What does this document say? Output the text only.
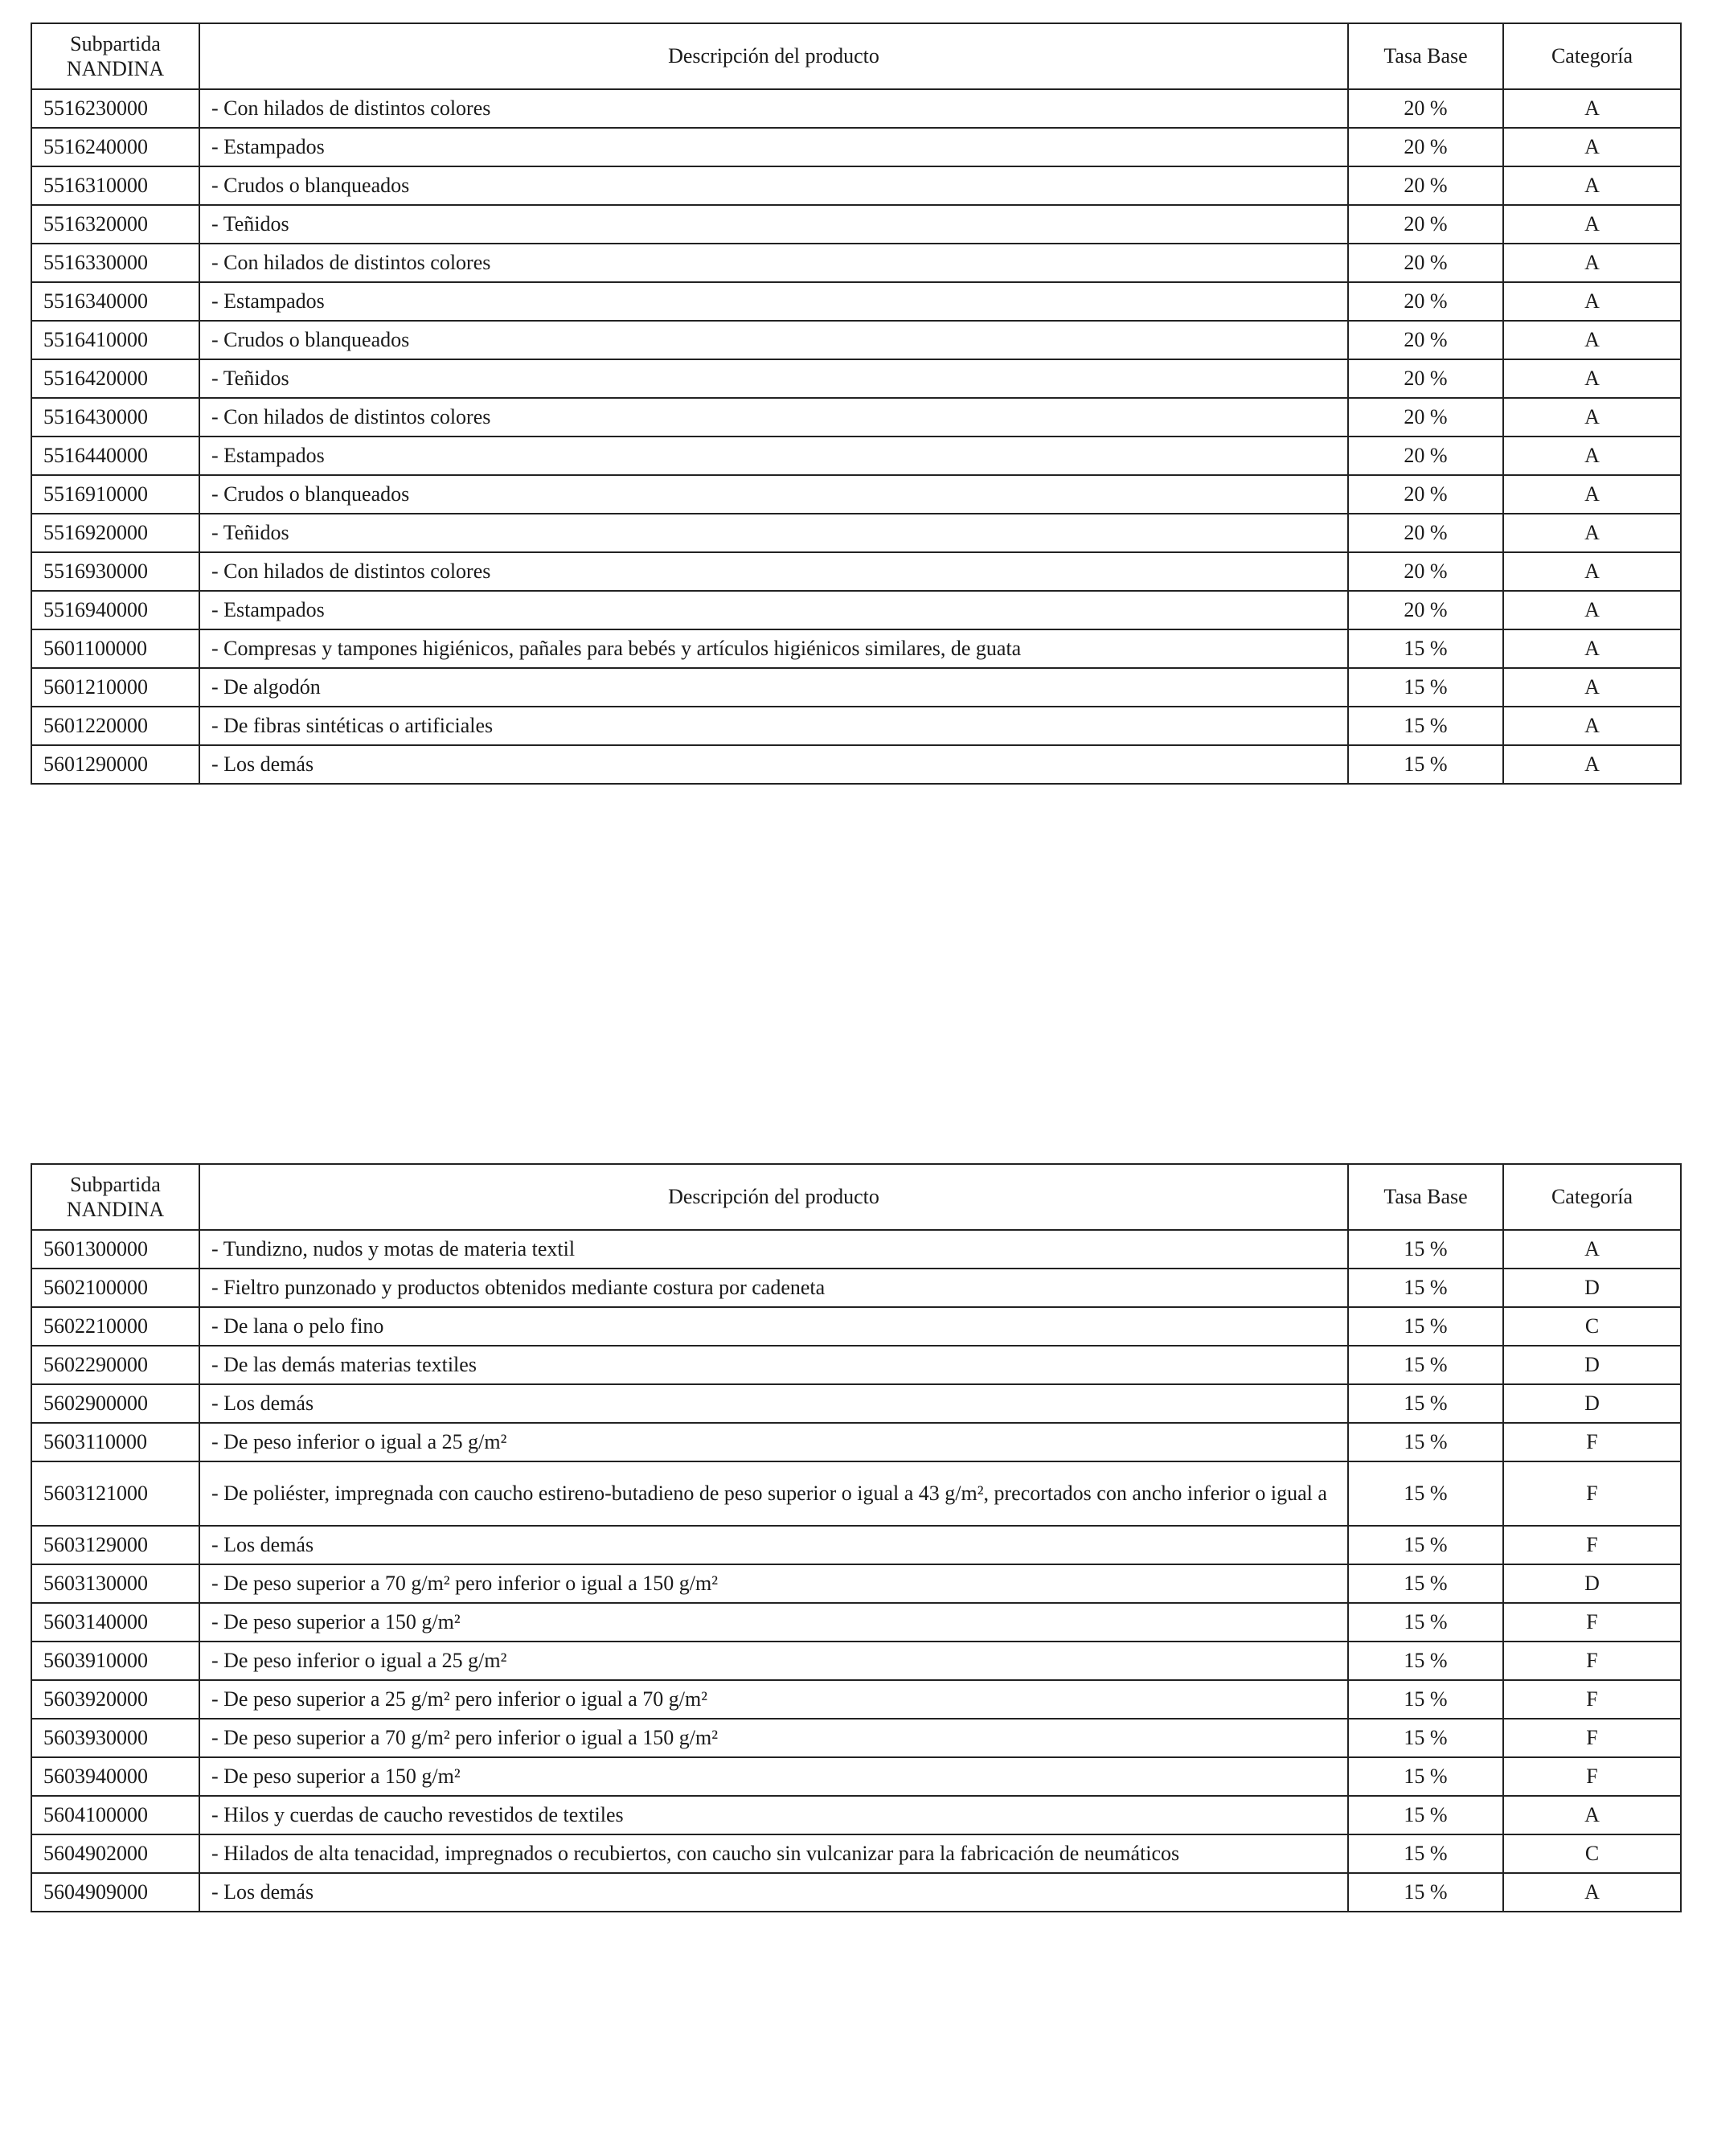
Subpartida
NANDINA	Descripción del producto	Tasa Base	Categoría
5516230000	- Con hilados de distintos colores	20 %	A
5516240000	- Estampados	20 %	A
5516310000	- Crudos o blanqueados	20 %	A
5516320000	- Teñidos	20 %	A
5516330000	- Con hilados de distintos colores	20 %	A
5516340000	- Estampados	20 %	A
5516410000	- Crudos o blanqueados	20 %	A
5516420000	- Teñidos	20 %	A
5516430000	- Con hilados de distintos colores	20 %	A
5516440000	- Estampados	20 %	A
5516910000	- Crudos o blanqueados	20 %	A
5516920000	- Teñidos	20 %	A
5516930000	- Con hilados de distintos colores	20 %	A
5516940000	- Estampados	20 %	A
5601100000	- Compresas y tampones higiénicos, pañales para bebés y artículos higiénicos similares, de guata	15 %	A
5601210000	- De algodón	15 %	A
5601220000	- De fibras sintéticas o artificiales	15 %	A
5601290000	- Los demás	15 %	A
Subpartida
NANDINA	Descripción del producto	Tasa Base	Categoría
5601300000	- Tundizno, nudos y motas de materia textil	15 %	A
5602100000	- Fieltro punzonado y productos obtenidos mediante costura por cadeneta	15 %	D
5602210000	- De lana o pelo fino	15 %	C
5602290000	- De las demás materias textiles	15 %	D
5602900000	- Los demás	15 %	D
5603110000	- De peso inferior o igual a 25 g/m²	15 %	F
5603121000	- De poliéster, impregnada con caucho estireno-butadieno de peso superior o igual a 43 g/m², precortados con ancho inferior o igual a	15 %	F
5603129000	- Los demás	15 %	F
5603130000	- De peso superior a 70 g/m² pero inferior o igual a 150 g/m²	15 %	D
5603140000	- De peso superior a 150 g/m²	15 %	F
5603910000	- De peso inferior o igual a 25 g/m²	15 %	F
5603920000	- De peso superior a 25 g/m² pero inferior o igual a 70 g/m²	15 %	F
5603930000	- De peso superior a 70 g/m² pero inferior o igual a 150 g/m²	15 %	F
5603940000	- De peso superior a 150 g/m²	15 %	F
5604100000	- Hilos y cuerdas de caucho revestidos de textiles	15 %	A
5604902000	- Hilados de alta tenacidad, impregnados o recubiertos, con caucho sin vulcanizar para la fabricación de neumáticos	15 %	C
5604909000	- Los demás	15 %	A
